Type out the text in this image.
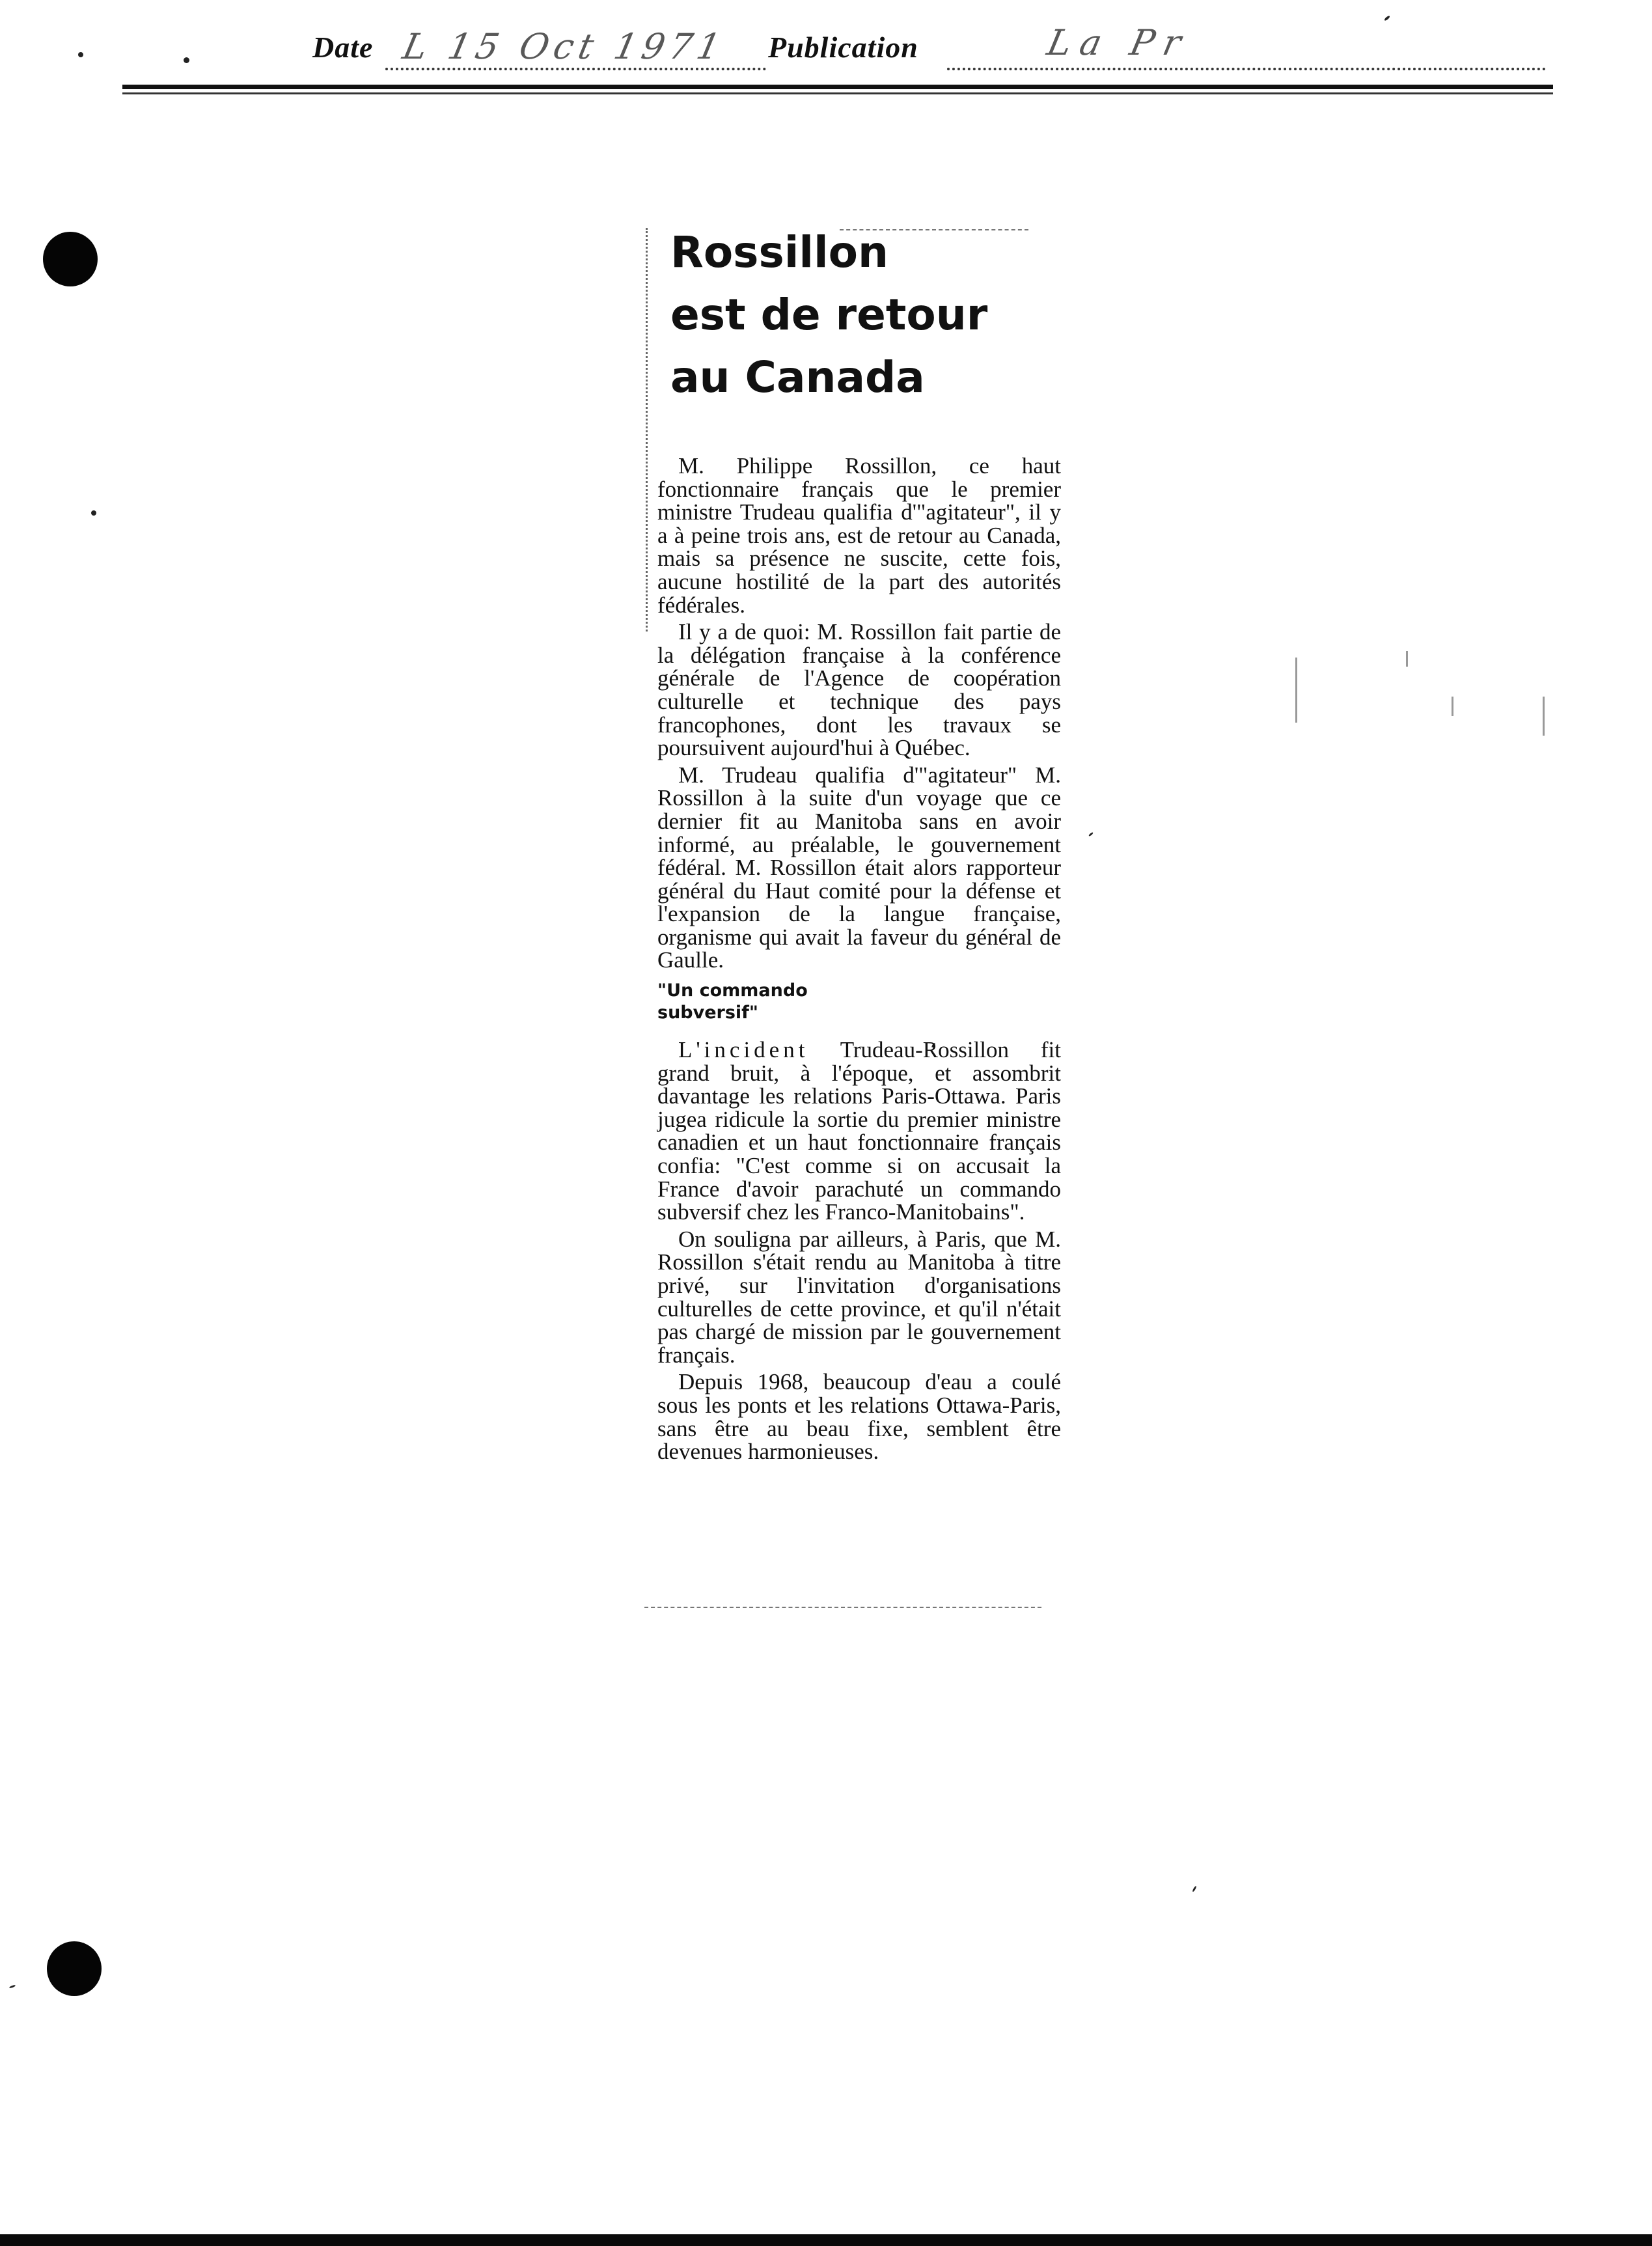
Date L 15 Oct 1971 Publication	La Pr
Rossillon
est de retour
au Canada

M. Philippe Rossillon, ce haut fonctionnaire français que le premier ministre Trudeau qualifia d'"agitateur", il y a à peine trois ans, est de retour au Canada, mais sa présence ne suscite, cette fois, aucune hostilité de la part des autorités fédérales.

Il y a de quoi: M. Rossillon fait partie de la délégation française à la conférence générale de l'Agence de coopération culturelle et technique des pays francophones, dont les travaux se poursuivent aujourd'hui à Québec.

M. Trudeau qualifia d'"agitateur" M. Rossillon à la suite d'un voyage que ce dernier fit au Manitoba sans en avoir informé, au préalable, le gouvernement fédéral. M. Rossillon était alors rapporteur général du Haut comité pour la défense et l'expansion de la langue française, organisme qui avait la faveur du général de Gaulle.

"Un commando
subversif"

L'incident Trudeau-Rossillon fit grand bruit, à l'époque, et assombrit davantage les relations Paris-Ottawa. Paris jugea ridicule la sortie du premier ministre canadien et un haut fonctionnaire français confia: "C'est comme si on accusait la France d'avoir parachuté un commando subversif chez les Franco-Manitobains".

On souligna par ailleurs, à Paris, que M. Rossillon s'était rendu au Manitoba à titre privé, sur l'invitation d'organisations culturelles de cette province, et qu'il n'était pas chargé de mission par le gouvernement français.

Depuis 1968, beaucoup d'eau a coulé sous les ponts et les relations Ottawa-Paris, sans être au beau fixe, semblent être devenues harmonieuses.
